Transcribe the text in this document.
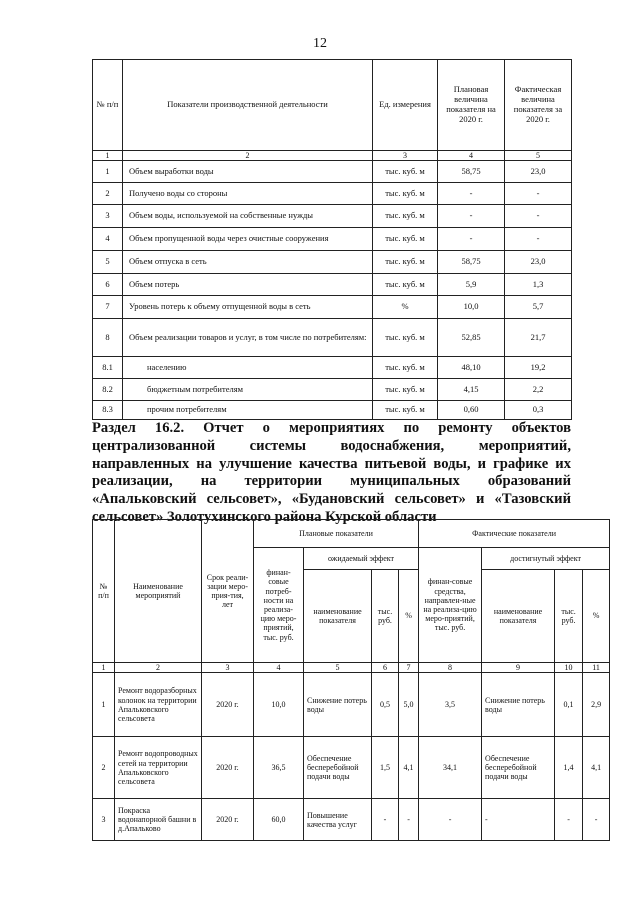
12
№ п/п	Показатели производственной деятельности	Ед. измерения	Плановая величина показателя на 2020 г.	Фактическая величина показателя за 2020 г.
1	2	3	4	5
1	Объем выработки воды	тыс. куб. м	58,75	23,0
2	Получено воды со стороны	тыс. куб. м	-	-
3	Объем воды, используемой на собственные нужды	тыс. куб. м	-	-
4	Объем пропущенной воды через очистные сооружения	тыс. куб. м	-	-
5	Объем отпуска в сеть	тыс. куб. м	58,75	23,0
6	Объем потерь	тыс. куб. м	5,9	1,3
7	Уровень потерь к объему отпущенной воды в сеть	%	10,0	5,7
8	Объем реализации товаров и услуг, в том числе по потребителям:	тыс. куб. м	52,85	21,7
8.1	населению	тыс. куб. м	48,10	19,2
8.2	бюджетным потребителям	тыс. куб. м	4,15	2,2
8.3	прочим потребителям	тыс. куб. м	0,60	0,3
Раздел 16.2. Отчет о мероприятиях по ремонту объектов централизованной системы водоснабжения, мероприятий, направленных на улучшение качества питьевой воды, и графике их реализации, на территории муниципальных образований «Апальковский сельсовет», «Будановский сельсовет» и «Тазовский сельсовет» Золотухинского района Курской области
№ п/п	Наименование мероприятий	Срок реали-зации меро-прия-тия, лет	Плановые показатели				Фактические показатели			
			финан-совые потреб-ности на реализа-цию меро-приятий, тыс. руб.	ожидаемый эффект			финан-совые средства, направлен-ные на реализа-цию меро-приятий, тыс. руб.	достигнутый эффект		
				наименование показателя	тыс. руб.	%		наименование показателя	тыс. руб.	%
1	2	3	4	5	6	7	8	9	10	11
1	Ремонт водоразборных колонок на территории Апальковского сельсовета	2020 г.	10,0	Снижение потерь воды	0,5	5,0	3,5	Снижение потерь воды	0,1	2,9
2	Ремонт водопроводных сетей на территории Апальковского сельсовета	2020 г.	36,5	Обеспечение бесперебойной подачи воды	1,5	4,1	34,1	Обеспечение бесперебойной подачи воды	1,4	4,1
3	Покраска водонапорной башни в д.Апальково	2020 г.	60,0	Повышение качества услуг	-	-	-	-	-	-
